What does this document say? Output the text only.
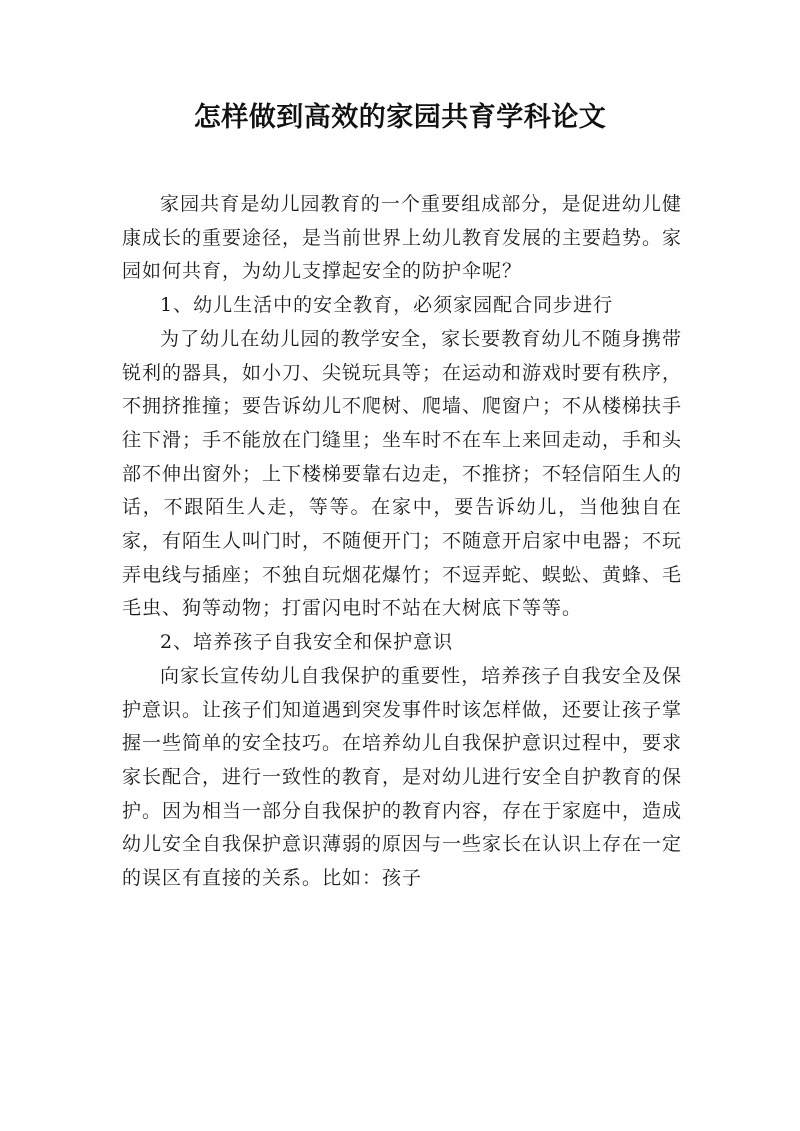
怎样做到高效的家园共育学科论文

家园共育是幼儿园教育的一个重要组成部分，是促进幼儿健康成长的重要途径，是当前世界上幼儿教育发展的主要趋势。家园如何共育，为幼儿支撑起安全的防护伞呢？

1、幼儿生活中的安全教育，必须家园配合同步进行

为了幼儿在幼儿园的教学安全，家长要教育幼儿不随身携带锐利的器具，如小刀、尖锐玩具等；在运动和游戏时要有秩序，不拥挤推撞；要告诉幼儿不爬树、爬墙、爬窗户；不从楼梯扶手往下滑；手不能放在门缝里；坐车时不在车上来回走动，手和头部不伸出窗外；上下楼梯要靠右边走，不推挤；不轻信陌生人的话，不跟陌生人走，等等。在家中，要告诉幼儿，当他独自在家，有陌生人叫门时，不随便开门；不随意开启家中电器；不玩弄电线与插座；不独自玩烟花爆竹；不逗弄蛇、蜈蚣、黄蜂、毛毛虫、狗等动物；打雷闪电时不站在大树底下等等。

2、培养孩子自我安全和保护意识

向家长宣传幼儿自我保护的重要性，培养孩子自我安全及保护意识。让孩子们知道遇到突发事件时该怎样做，还要让孩子掌握一些简单的安全技巧。在培养幼儿自我保护意识过程中，要求家长配合，进行一致性的教育，是对幼儿进行安全自护教育的保护。因为相当一部分自我保护的教育内容，存在于家庭中，造成幼儿安全自我保护意识薄弱的原因与一些家长在认识上存在一定的误区有直接的关系。比如：孩子
